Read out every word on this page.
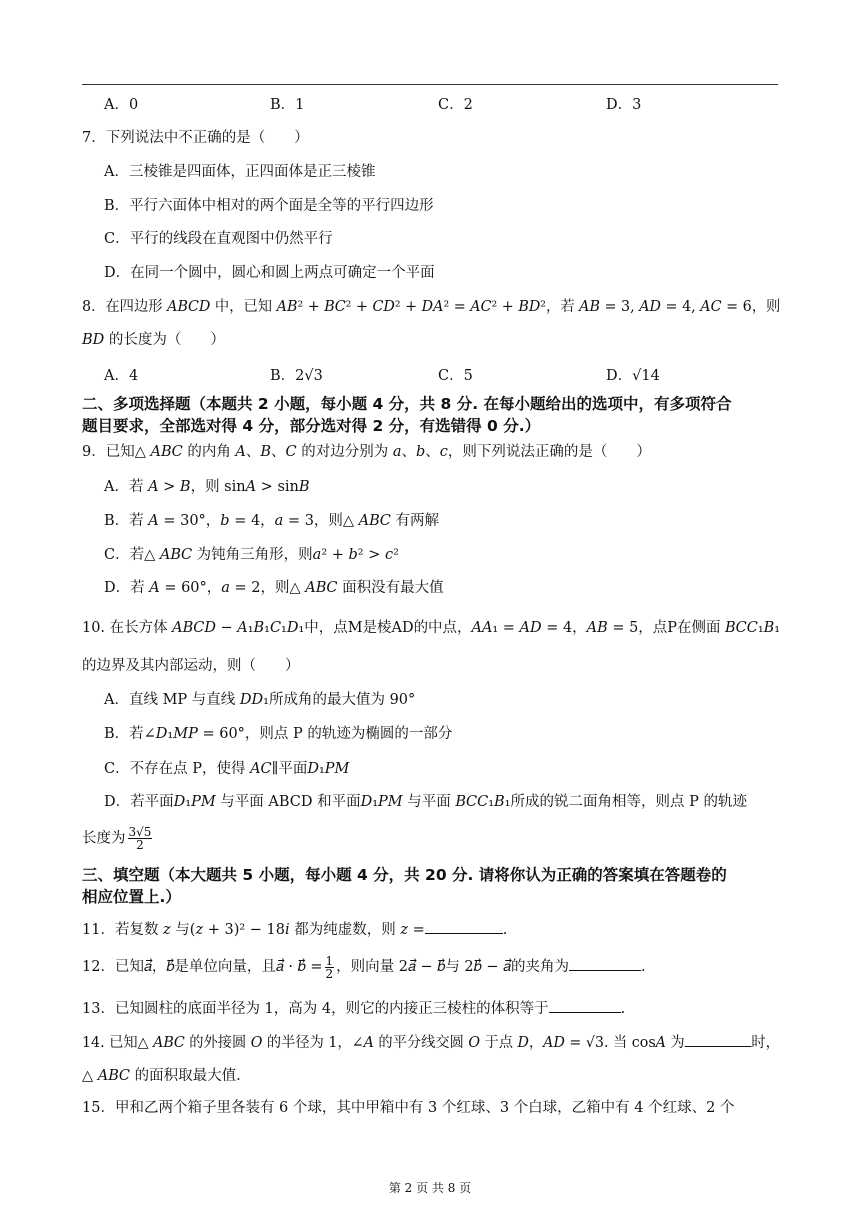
A．0	B．1	C．2	D．3
7．下列说法中不正确的是（　　）
A．三棱锥是四面体，正四面体是正三棱锥
B．平行六面体中相对的两个面是全等的平行四边形
C．平行的线段在直观图中仍然平行
D．在同一个圆中，圆心和圆上两点可确定一个平面
8．在四边形 𝐴𝐵𝐶𝐷 中，已知 𝐴𝐵² + 𝐵𝐶² + 𝐶𝐷² + 𝐷𝐴² = 𝐴𝐶² + 𝐵𝐷²，若 𝐴𝐵 = 3, 𝐴𝐷 = 4, 𝐴𝐶 = 6，则
𝐵𝐷 的长度为（　　）
A．4	B．2√3	C．5	D．√14
二、多项选择题（本题共 2 小题，每小题 4 分，共 8 分. 在每小题给出的选项中，有多项符合
题目要求，全部选对得 4 分，部分选对得 2 分，有选错得 0 分.）
9．已知△ 𝐴𝐵𝐶 的内角 𝐴、𝐵、𝐶 的对边分别为 𝑎、𝑏、𝑐，则下列说法正确的是（　　）
A．若 𝐴 > 𝐵，则 sin𝐴 > sin𝐵
B．若 𝐴 = 30°，𝑏 = 4，𝑎 = 3，则△ 𝐴𝐵𝐶 有两解
C．若△ 𝐴𝐵𝐶 为钝角三角形，则𝑎² + 𝑏² > 𝑐²
D．若 𝐴 = 60°，𝑎 = 2，则△ 𝐴𝐵𝐶 面积没有最大值
10. 在长方体 𝐴𝐵𝐶𝐷 − 𝐴₁𝐵₁𝐶₁𝐷₁中，点M是棱AD的中点，𝐴𝐴₁ = 𝐴𝐷 = 4，𝐴𝐵 = 5，点P在侧面 𝐵𝐶𝐶₁𝐵₁
的边界及其内部运动，则（　　）
A．直线 MP 与直线 𝐷𝐷₁所成角的最大值为 90°
B．若∠𝐷₁𝑀𝑃 = 60°，则点 P 的轨迹为椭圆的一部分
C．不存在点 P，使得 𝐴𝐶∥平面𝐷₁𝑃𝑀
D．若平面𝐷₁𝑃𝑀 与平面 ABCD 和平面𝐷₁𝑃𝑀 与平面 𝐵𝐶𝐶₁𝐵₁所成的锐二面角相等，则点 P 的轨迹
长度为 $\frac{3√5}{2}$
三、填空题（本大题共 5 小题，每小题 4 分，共 20 分. 请将你认为正确的答案填在答题卷的
相应位置上.）
11．若复数 𝑧 与(𝑧 + 3)² − 18𝑖 都为纯虚数，则 𝑧 =	.
12．已知𝑎⃗，𝑏⃗是单位向量，且𝑎⃗ · 𝑏⃗ = $\frac{1}{2}$ ，则向量 2𝑎⃗ − 𝑏⃗与 2𝑏⃗ − 𝑎⃗的夹角为	.
13．已知圆柱的底面半径为 1，高为 4，则它的内接正三棱柱的体积等于	.
14. 已知△ 𝐴𝐵𝐶 的外接圆 𝑂 的半径为 1，∠𝐴 的平分线交圆 𝑂 于点 𝐷，𝐴𝐷 = √3. 当 cos𝐴 为	时，
△ 𝐴𝐵𝐶 的面积取最大值.
15．甲和乙两个箱子里各装有 6 个球，其中甲箱中有 3 个红球、3 个白球，乙箱中有 4 个红球、2 个
第 2 页 共 8 页
